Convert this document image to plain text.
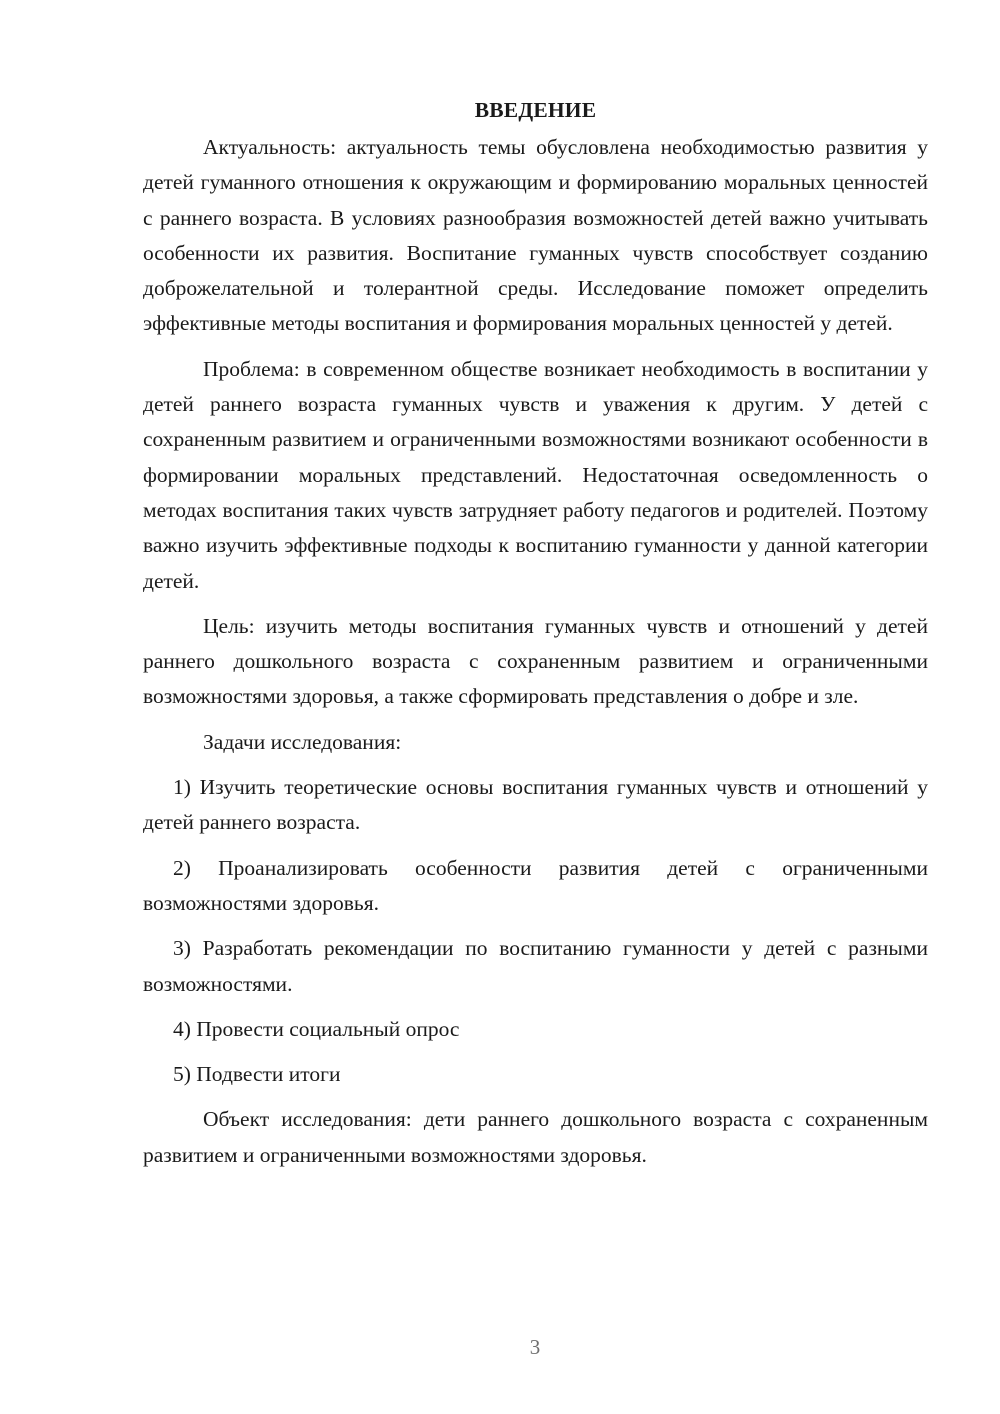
ВВЕДЕНИЕ
Актуальность: актуальность темы обусловлена необходимостью развития у детей гуманного отношения к окружающим и формированию моральных ценностей с раннего возраста. В условиях разнообразия возможностей детей важно учитывать особенности их развития. Воспитание гуманных чувств способствует созданию доброжелательной и толерантной среды. Исследование поможет определить эффективные методы воспитания и формирования моральных ценностей у детей.
Проблема: в современном обществе возникает необходимость в воспитании у детей раннего возраста гуманных чувств и уважения к другим. У детей с сохраненным развитием и ограниченными возможностями возникают особенности в формировании моральных представлений. Недостаточная осведомленность о методах воспитания таких чувств затрудняет работу педагогов и родителей. Поэтому важно изучить эффективные подходы к воспитанию гуманности у данной категории детей.
Цель: изучить методы воспитания гуманных чувств и отношений у детей раннего дошкольного возраста с сохраненным развитием и ограниченными возможностями здоровья, а также сформировать представления о добре и зле.
Задачи исследования:
1) Изучить теоретические основы воспитания гуманных чувств и отношений у детей раннего возраста.
2) Проанализировать особенности развития детей с ограниченными возможностями здоровья.
3) Разработать рекомендации по воспитанию гуманности у детей с разными возможностями.
4) Провести социальный опрос
5) Подвести итоги
Объект исследования: дети раннего дошкольного возраста с сохраненным развитием и ограниченными возможностями здоровья.
3
